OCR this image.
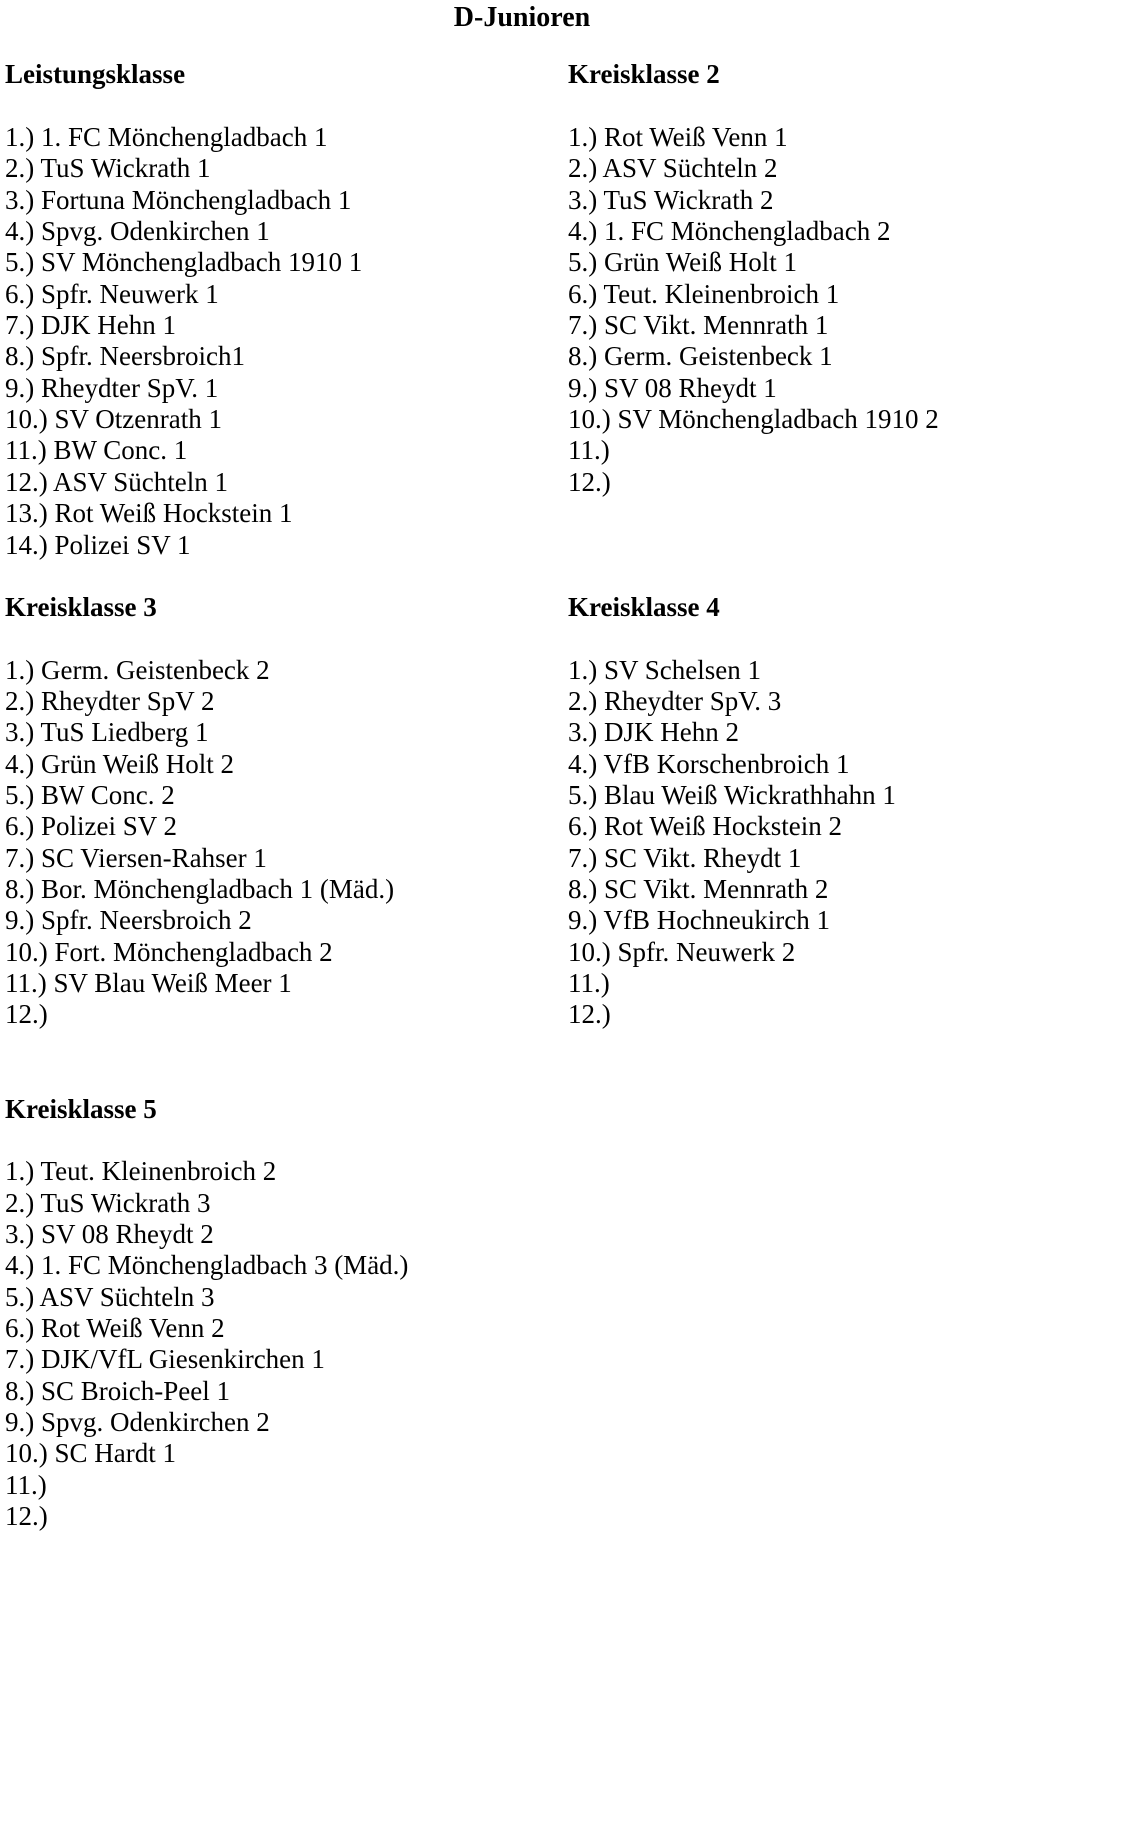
D-Junioren
Leistungsklasse
1.) 1. FC Mönchengladbach 1
2.) TuS Wickrath 1
3.) Fortuna Mönchengladbach 1
4.) Spvg. Odenkirchen 1
5.) SV Mönchengladbach 1910 1
6.) Spfr. Neuwerk 1
7.) DJK Hehn 1
8.) Spfr. Neersbroich1
9.) Rheydter SpV. 1
10.) SV Otzenrath 1
11.) BW Conc. 1
12.) ASV Süchteln 1
13.) Rot Weiß Hockstein 1
14.) Polizei SV 1
Kreisklasse 2
1.) Rot Weiß Venn 1
2.) ASV Süchteln 2
3.) TuS Wickrath 2
4.) 1. FC Mönchengladbach 2
5.) Grün Weiß Holt 1
6.) Teut. Kleinenbroich 1
7.) SC Vikt. Mennrath 1
8.) Germ. Geistenbeck 1
9.) SV 08 Rheydt 1
10.) SV Mönchengladbach 1910 2
11.)
12.)
Kreisklasse 3
1.) Germ. Geistenbeck 2
2.) Rheydter SpV 2
3.) TuS Liedberg 1
4.) Grün Weiß Holt 2
5.) BW Conc. 2
6.) Polizei SV 2
7.) SC Viersen-Rahser 1
8.) Bor. Mönchengladbach 1 (Mäd.)
9.) Spfr. Neersbroich 2
10.) Fort. Mönchengladbach 2
11.) SV Blau Weiß Meer 1
12.)
Kreisklasse 4
1.) SV Schelsen 1
2.) Rheydter SpV. 3
3.) DJK Hehn 2
4.) VfB Korschenbroich 1
5.) Blau Weiß Wickrathhahn 1
6.) Rot Weiß Hockstein 2
7.) SC Vikt. Rheydt 1
8.) SC Vikt. Mennrath 2
9.) VfB Hochneukirch 1
10.) Spfr. Neuwerk 2
11.)
12.)
Kreisklasse 5
1.) Teut. Kleinenbroich 2
2.) TuS Wickrath 3
3.) SV 08 Rheydt 2
4.) 1. FC Mönchengladbach 3 (Mäd.)
5.) ASV Süchteln 3
6.) Rot Weiß Venn 2
7.) DJK/VfL Giesenkirchen 1
8.) SC Broich-Peel 1
9.) Spvg. Odenkirchen 2
10.) SC Hardt 1
11.)
12.)
